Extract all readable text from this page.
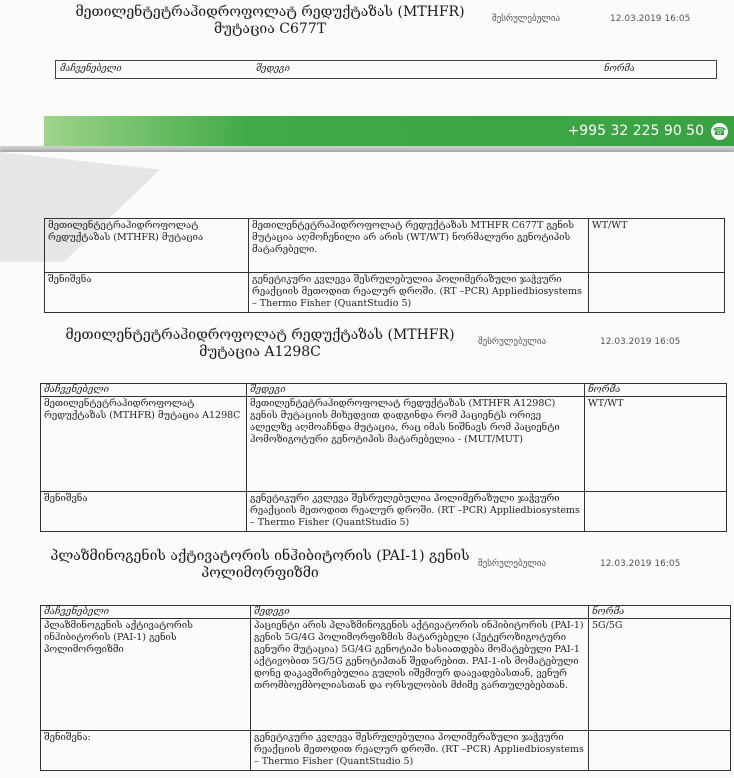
მეთილენტეტრაჰიდროფოლატ რედუქტაზას (MTHFR)
მუტაცია C677T
შესრულებულია	12.03.2019 16:05
მაჩვენებელი	შედეგი	ნორმა
+995 32 225 90 50 ☎
მეთილენტეტრაჰიდროფოლატ რედუქტაზას (MTHFR) მუტაცია	მეთილენტეტრაჰიდროფოლატ რედუქტაზას MTHFR C677T გენის მუტაცია აღმოჩენილი არ არის (WT/WT) ნორმალური გენოტიპის მატარებელი.	WT/WT
შენიშვნა	გენეტიკური კვლევა შესრულებულია პოლიმერაზული ჯაჭვური რეაქციის მეთოდით რეალურ დროში. (RT –PCR) Appliedbiosystems – Thermo Fisher (QuantStudio 5)	
მეთილენტეტრაჰიდროფოლატ რედუქტაზას (MTHFR)
მუტაცია A1298C
შესრულებულია	12.03.2019 16:05
მაჩვენებელი	შედეგი	ნორმა
მეთილენტეტრაჰიდროფოლატ რედუქტაზას (MTHFR) მუტაცია A1298C	მეთილენტეტრაჰიდროფოლატ რედუქტაზას (MTHFR A1298C) გენის მუტაციის მიხედვით დადგინდა რომ პაციენტს ორივე ალელზე აღმოაჩნდა მუტაცია, რაც იმას ნიშნავს რომ პაციენტი ჰომოზიგოტური გენოტიპის მატარებელია - (MUT/MUT)	WT/WT
შენიშვნა	გენეტიკური კვლევა შესრულებულია პოლიმერაზული ჯაჭვური რეაქციის მეთოდით რეალურ დროში. (RT –PCR) Appliedbiosystems – Thermo Fisher (QuantStudio 5)	
პლაზმინოგენის აქტივატორის ინჰიბიტორის (PAI-1) გენის
პოლიმორფიზმი
შესრულებულია	12.03.2019 16:05
მაჩვენებელი	შედეგი	ნორმა
პლაზმინოგენის აქტივატორის ინჰიბიტორის (PAI-1) გენის პოლიმორფიზმი	პაციენტი არის პლაზმინოგენის აქტივატორის ინჰიბიტორის (PAI-1) გენის 5G/4G პოლიმორფიზმის მატარებელი (ჰეტეროზიგოტური გენური მუტაცია) 5G/4G გენოტიპი ხასიათდება მომატებული PAI-1 აქტივობით 5G/5G გენოტიპთან შედარებით. PAI-1-ის მომატებული დონე დაკავშირებულია გულის იშემიურ დაავადებასთან, ვენურ თრომბოემბოლიასთან და ორსულობის მძიმე გართულებებთან.	5G/5G
შენიშვნა:	გენეტიკური კვლევა შესრულებულია პოლიმერაზული ჯაჭვური რეაქციის მეთოდით რეალურ დროში. (RT –PCR) Appliedbiosystems – Thermo Fisher (QuantStudio 5)	
